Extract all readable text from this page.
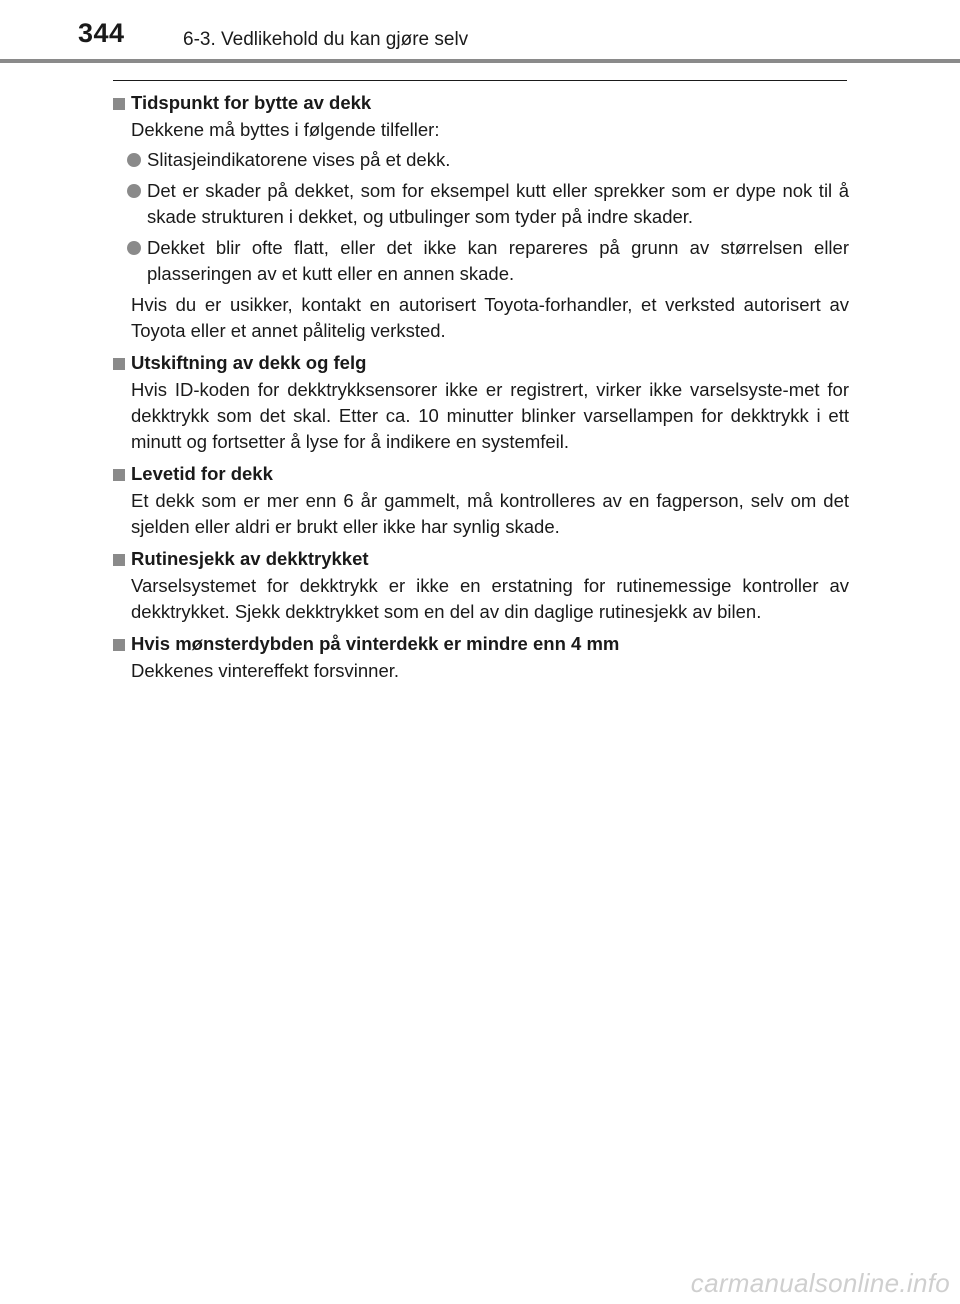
344	6-3. Vedlikehold du kan gjøre selv
Tidspunkt for bytte av dekk

Dekkene må byttes i følgende tilfeller:

Slitasjeindikatorene vises på et dekk.
Det er skader på dekket, som for eksempel kutt eller sprekker som er dype nok til å skade strukturen i dekket, og utbulinger som tyder på indre skader.
Dekket blir ofte flatt, eller det ikke kan repareres på grunn av størrelsen eller plasseringen av et kutt eller en annen skade.

Hvis du er usikker, kontakt en autorisert Toyota-forhandler, et verksted autorisert av Toyota eller et annet pålitelig verksted.

Utskiftning av dekk og felg

Hvis ID-koden for dekktrykksensorer ikke er registrert, virker ikke varselsyste-met for dekktrykk som det skal. Etter ca. 10 minutter blinker varsellampen for dekktrykk i ett minutt og fortsetter å lyse for å indikere en systemfeil.

Levetid for dekk

Et dekk som er mer enn 6 år gammelt, må kontrolleres av en fagperson, selv om det sjelden eller aldri er brukt eller ikke har synlig skade.

Rutinesjekk av dekktrykket

Varselsystemet for dekktrykk er ikke en erstatning for rutinemessige kontroller av dekktrykket. Sjekk dekktrykket som en del av din daglige rutinesjekk av bilen.

Hvis mønsterdybden på vinterdekk er mindre enn 4 mm

Dekkenes vintereffekt forsvinner.

carmanualsonline.info
